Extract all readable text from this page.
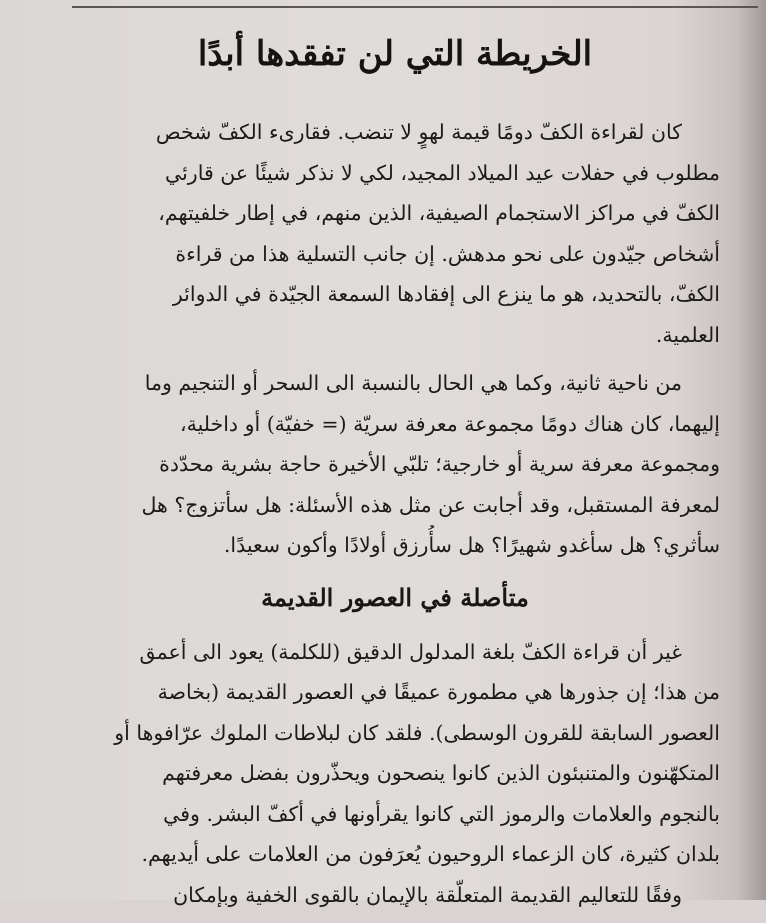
الخريطة التي لن تفقدها أبدًا

كان لقراءة الكفّ دومًا قيمة لهوٍ لا تنضب. فقارىء الكفّ شخص
مطلوب في حفلات عيد الميلاد المجيد، لكي لا نذكر شيئًا عن قارئي
الكفّ في مراكز الاستجمام الصيفية، الذين منهم، في إطار خلفيتهم،
أشخاص جيّدون على نحو مدهش. إن جانب التسلية هذا من قراءة
الكفّ، بالتحديد، هو ما ينزع الى إفقادها السمعة الجيّدة في الدوائر
العلمية.

من ناحية ثانية، وكما هي الحال بالنسبة الى السحر أو التنجيم وما
إليهما، كان هناك دومًا مجموعة معرفة سريّة (= خفيّة) أو داخلية،
ومجموعة معرفة سرية أو خارجية؛ تلبّي الأخيرة حاجة بشرية محدّدة
لمعرفة المستقبل، وقد أجابت عن مثل هذه الأسئلة: هل سأتزوج؟ هل
سأثري؟ هل سأغدو شهيرًا؟ هل سأُرزق أولادًا وأكون سعيدًا.

متأصلة في العصور القديمة

غير أن قراءة الكفّ بلغة المدلول الدقيق (للكلمة) يعود الى أعمق
من هذا؛ إن جذورها هي مطمورة عميقًا في العصور القديمة (بخاصة
العصور السابقة للقرون الوسطى). فلقد كان لبلاطات الملوك عرّافوها أو
المتكهّنون والمتنبئون الذين كانوا ينصحون ويحذّرون بفضل معرفتهم
بالنجوم والعلامات والرموز التي كانوا يقرأونها في أكفّ البشر. وفي
بلدان كثيرة، كان الزعماء الروحيون يُعرَفون من العلامات على أيديهم.
وفقًا للتعاليم القديمة المتعلّقة بالإيمان بالقوى الخفية وبإمكان
